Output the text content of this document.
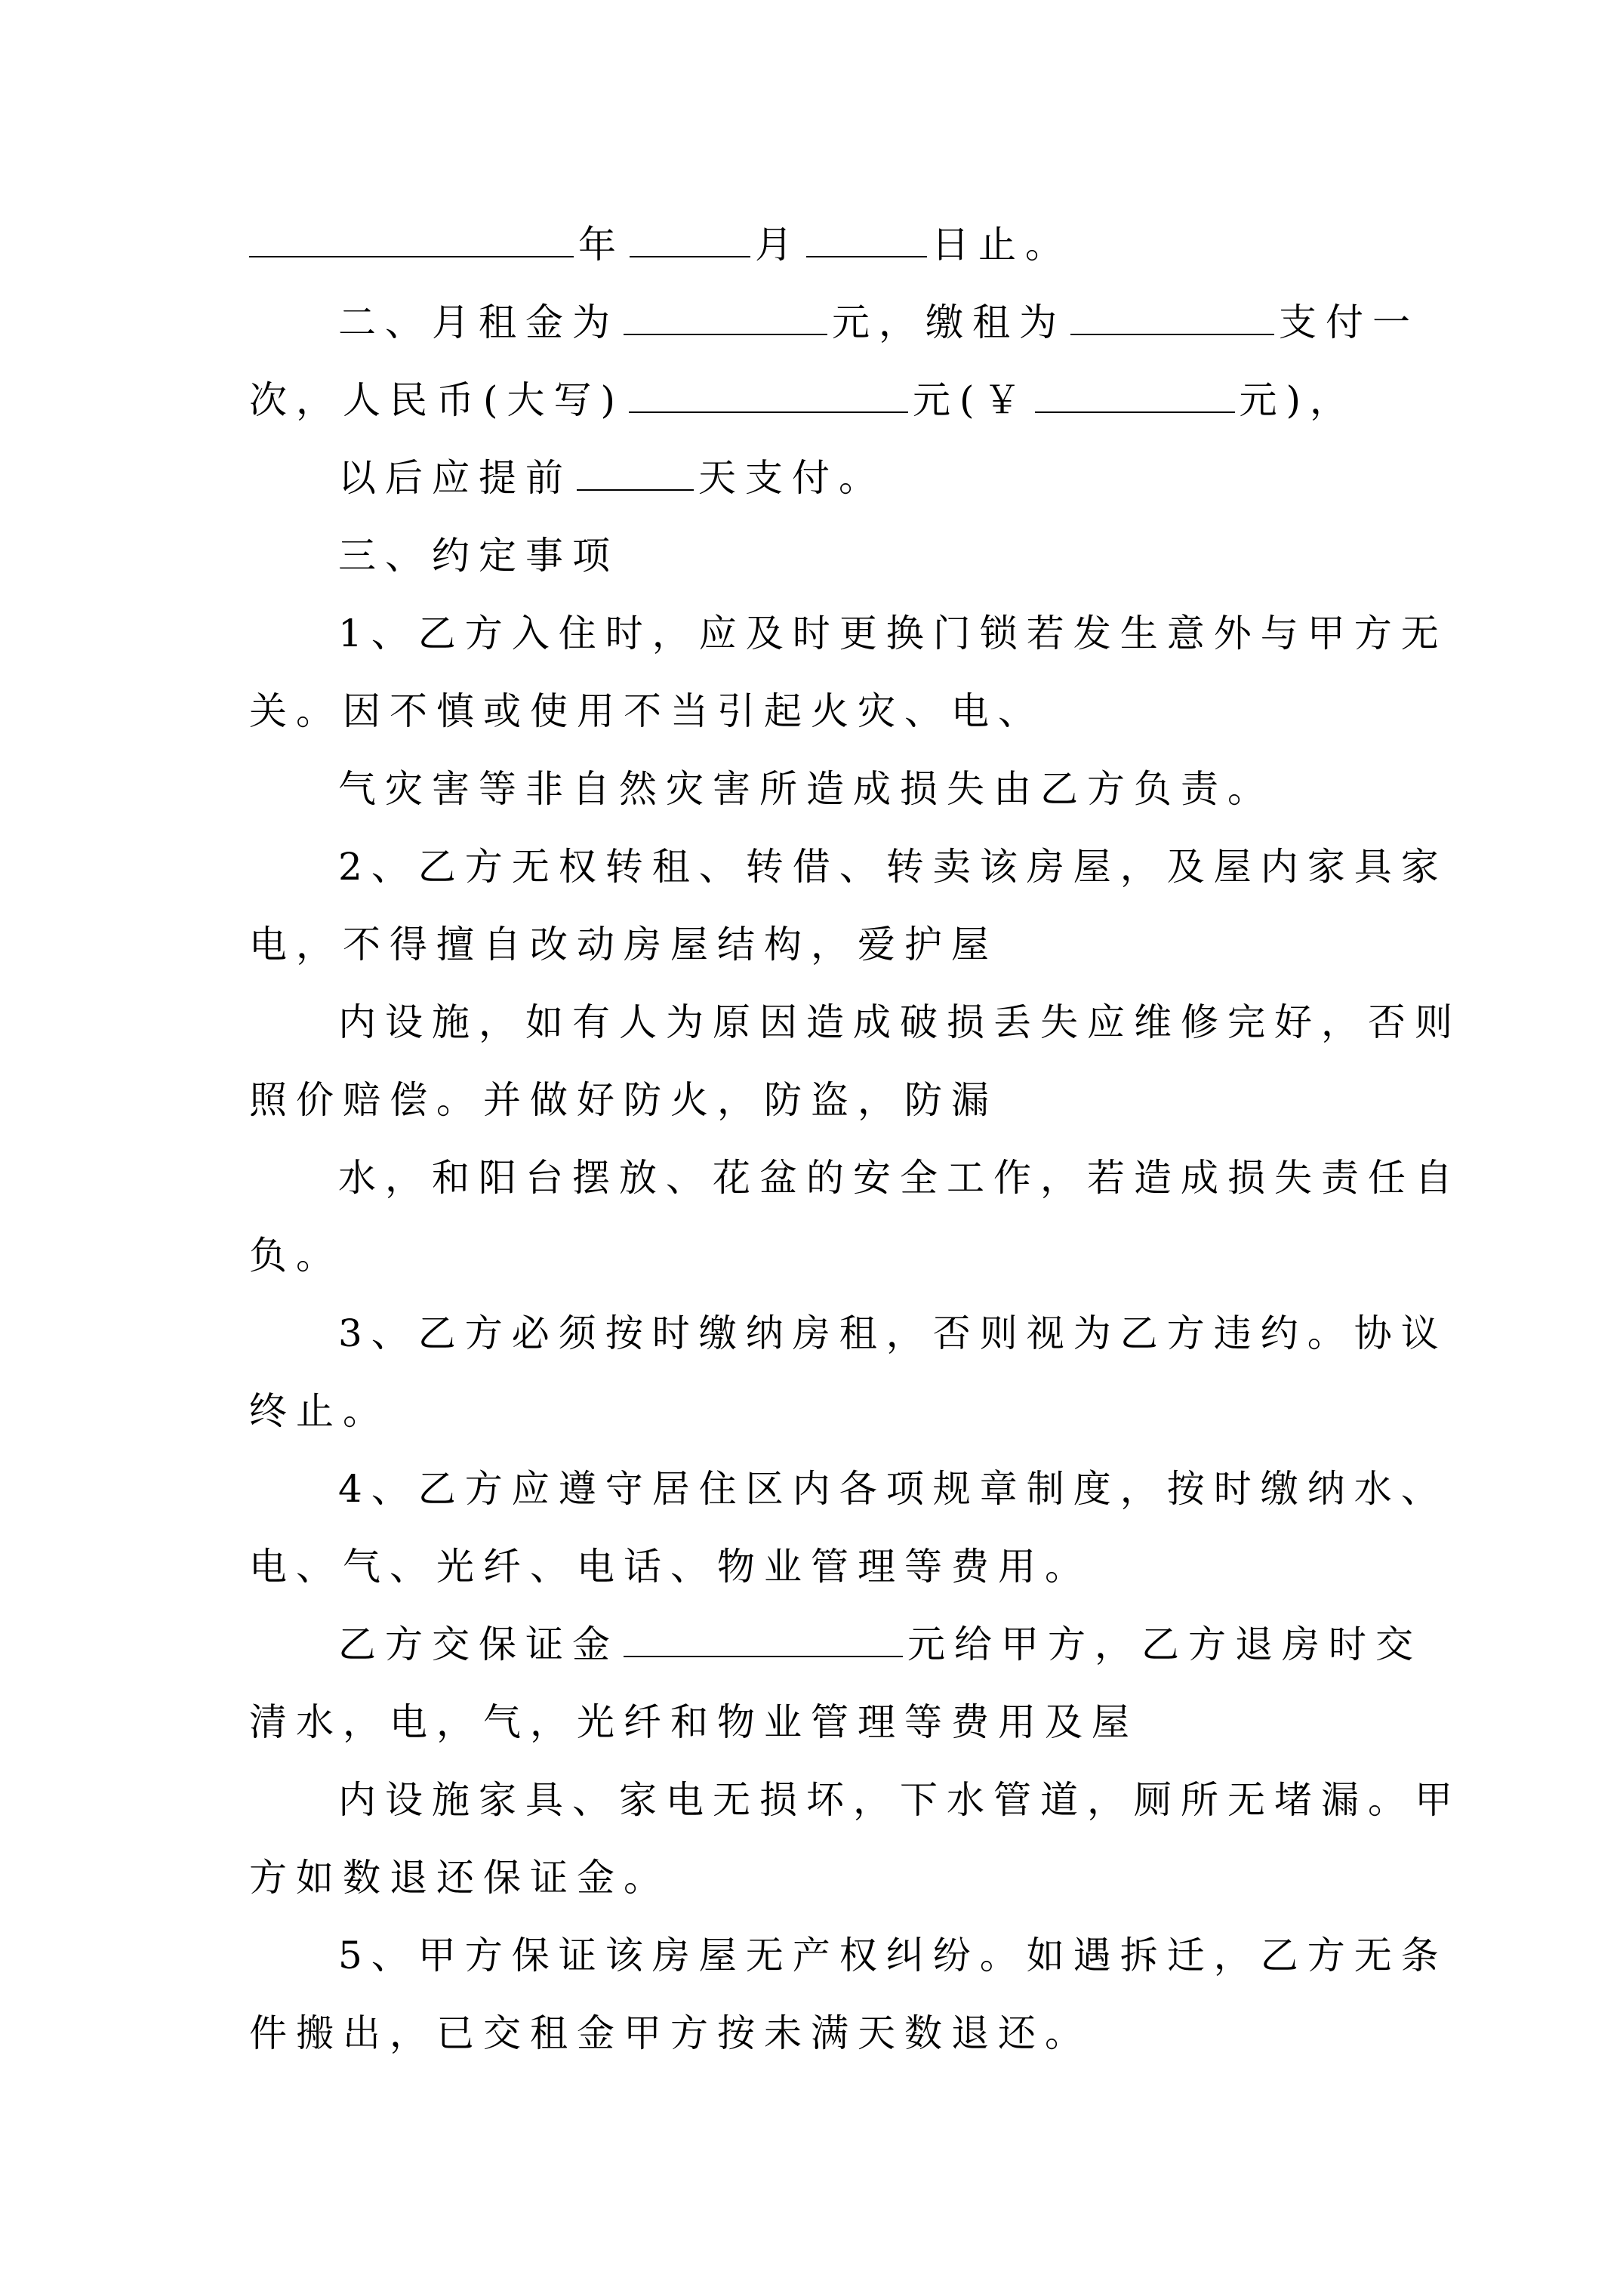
年	月	日止。
二、月租金为	元，缴租为	支付一
次，人民币(大写)	元(￥	元)，
以后应提前	天支付。
三、约定事项
1、乙方入住时，应及时更换门锁若发生意外与甲方无
关。因不慎或使用不当引起火灾、电、
气灾害等非自然灾害所造成损失由乙方负责。
2、乙方无权转租、转借、转卖该房屋，及屋内家具家
电，不得擅自改动房屋结构，爱护屋
内设施，如有人为原因造成破损丢失应维修完好，否则
照价赔偿。并做好防火，防盗，防漏
水，和阳台摆放、花盆的安全工作，若造成损失责任自
负。
3、乙方必须按时缴纳房租，否则视为乙方违约。协议
终止。
4、乙方应遵守居住区内各项规章制度，按时缴纳水、
电、气、光纤、电话、物业管理等费用。
乙方交保证金	元给甲方，乙方退房时交
清水，电，气，光纤和物业管理等费用及屋
内设施家具、家电无损坏，下水管道，厕所无堵漏。甲
方如数退还保证金。
5、甲方保证该房屋无产权纠纷。如遇拆迁，乙方无条
件搬出，已交租金甲方按未满天数退还。
